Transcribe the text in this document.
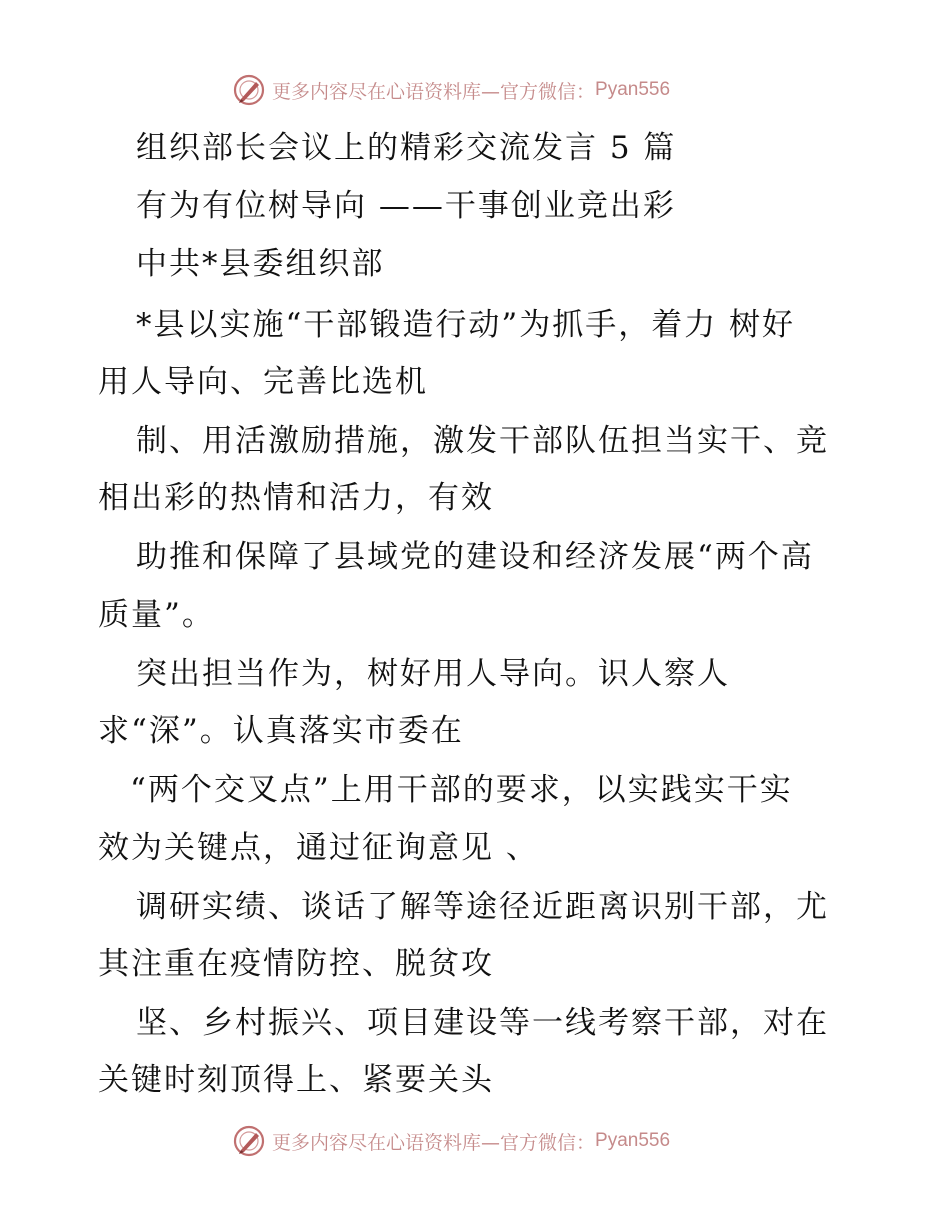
更多内容尽在心语资料库—官方微信： Pyan556
组织部长会议上的精彩交流发言 5 篇
有为有位树导向 ——干事创业竞出彩
中共*县委组织部
*县以实施“干部锻造行动”为抓手，着力 树好
用人导向、完善比选机
制、用活激励措施，激发干部队伍担当实干、竞
相出彩的热情和活力，有效
助推和保障了县域党的建设和经济发展“两个高
质量”。
突出担当作为，树好用人导向。识人察人
求“深”。认真落实市委在
“两个交叉点”上用干部的要求，以实践实干实
效为关键点，通过征询意见 、
调研实绩、谈话了解等途径近距离识别干部，尤
其注重在疫情防控、脱贫攻
坚、乡村振兴、项目建设等一线考察干部，对在
关键时刻顶得上、紧要关头
更多内容尽在心语资料库—官方微信： Pyan556
